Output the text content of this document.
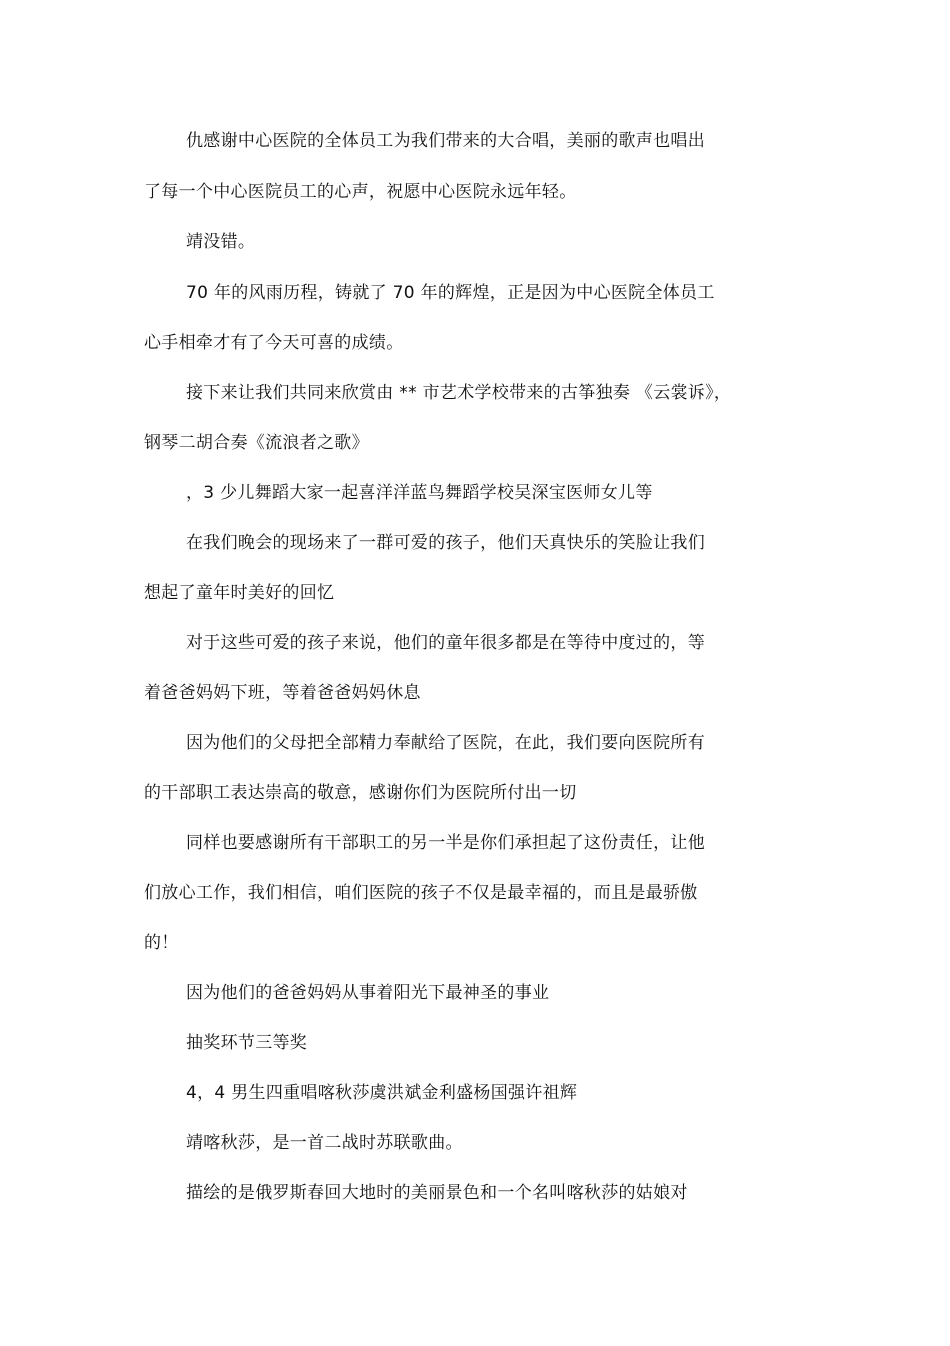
仇感谢中心医院的全体员工为我们带来的大合唱，美丽的歌声也唱出
了每一个中心医院员工的心声，祝愿中心医院永远年轻。
靖没错。
70 年的风雨历程，铸就了 70 年的辉煌，正是因为中心医院全体员工
心手相牵才有了今天可喜的成绩。
接下来让我们共同来欣赏由 ** 市艺术学校带来的古筝独奏 《云裳诉》，
钢琴二胡合奏《流浪者之歌》
，3 少儿舞蹈大家一起喜洋洋蓝鸟舞蹈学校吴深宝医师女儿等
在我们晚会的现场来了一群可爱的孩子，他们天真快乐的笑脸让我们
想起了童年时美好的回忆
对于这些可爱的孩子来说，他们的童年很多都是在等待中度过的，等
着爸爸妈妈下班，等着爸爸妈妈休息
因为他们的父母把全部精力奉献给了医院，在此，我们要向医院所有
的干部职工表达崇高的敬意，感谢你们为医院所付出一切
同样也要感谢所有干部职工的另一半是你们承担起了这份责任，让他
们放心工作，我们相信，咱们医院的孩子不仅是最幸福的，而且是最骄傲
的！
因为他们的爸爸妈妈从事着阳光下最神圣的事业
抽奖环节三等奖
4，4 男生四重唱喀秋莎虞洪斌金利盛杨国强许祖辉
靖喀秋莎，是一首二战时苏联歌曲。
描绘的是俄罗斯春回大地时的美丽景色和一个名叫喀秋莎的姑娘对
